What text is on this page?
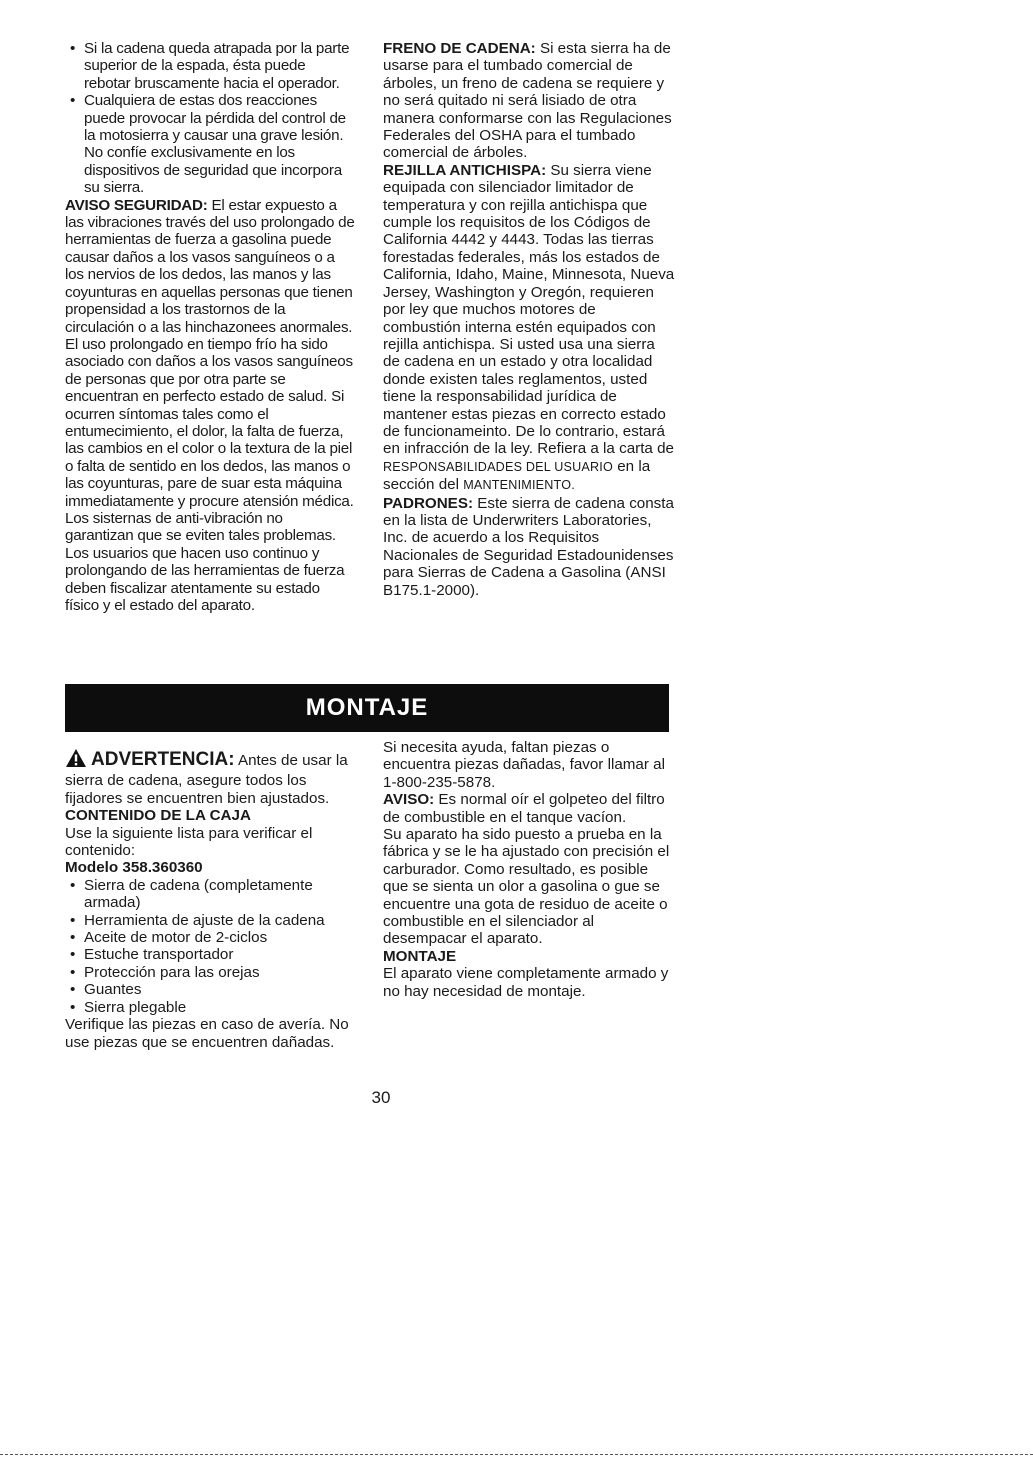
• Si la cadena queda atrapada por la parte superior de la espada, ésta puede rebotar bruscamente hacia el operador.
• Cualquiera de estas dos reacciones puede provocar la pérdida del control de la motosierra y causar una grave lesión. No confíe exclusivamente en los dispositivos de seguridad que incorpora su sierra.

AVISO SEGURIDAD: El estar expuesto a las vibraciones través del uso prolongado de herramientas de fuerza a gasolina puede causar daños a los vasos sanguíneos o a los nervios de los dedos, las manos y las coyunturas en aquellas personas que tienen propensidad a los trastornos de la circulación o a las hinchazonees anormales. El uso prolongado en tiempo frío ha sido asociado con daños a los vasos sanguíneos de personas que por otra parte se encuentran en perfecto estado de salud. Si ocurren síntomas tales como el entumecimiento, el dolor, la falta de fuerza, las cambios en el color o la textura de la piel o falta de sentido en los dedos, las manos o las coyunturas, pare de suar esta máquina immediatamente y procure atensión médica. Los sisternas de anti-vibración no garantizan que se eviten tales problemas. Los usuarios que hacen uso continuo y prolongando de las herramientas de fuerza deben fiscalizar atentamente su estado físico y el estado del aparato.

FRENO DE CADENA: Si esta sierra ha de usarse para el tumbado comercial de árboles, un freno de cadena se requiere y no será quitado ni será lisiado de otra manera conformarse con las Regulaciones Federales del OSHA para el tumbado comercial de árboles.

REJILLA ANTICHISPA: Su sierra viene equipada con silenciador limitador de temperatura y con rejilla antichispa que cumple los requisitos de los Códigos de California 4442 y 4443. Todas las tierras forestadas federales, más los estados de California, Idaho, Maine, Minnesota, Nueva Jersey, Washington y Oregón, requieren por ley que muchos motores de combustión interna estén equipados con rejilla antichispa. Si usted usa una sierra de cadena en un estado y otra localidad donde existen tales reglamentos, usted tiene la responsabilidad jurídica de mantener estas piezas en correcto estado de funcionameinto. De lo contrario, estará en infracción de la ley. Refiera a la carta de RESPONSABILIDADES DEL USUARIO en la sección del MANTENIMIENTO.

PADRONES: Este sierra de cadena consta en la lista de Underwriters Laboratories, Inc. de acuerdo a los Requisitos Nacionales de Seguridad Estadounidenses para Sierras de Cadena a Gasolina (ANSI B175.1-2000).

MONTAJE

ADVERTENCIA: Antes de usar la sierra de cadena, asegure todos los fijadores se encuentren bien ajustados.

CONTENIDO DE LA CAJA

Use la siguiente lista para verificar el contenido:

Modelo 358.360360

• Sierra de cadena (completamente armada)
• Herramienta de ajuste de la cadena
• Aceite de motor de 2-ciclos
• Estuche transportador
• Protección para las orejas
• Guantes
• Sierra plegable

Verifique las piezas en caso de avería. No use piezas que se encuentren dañadas.

Si necesita ayuda, faltan piezas o encuentra piezas dañadas, favor llamar al 1-800-235-5878.

AVISO: Es normal oír el golpeteo del filtro de combustible en el tanque vacíon.

Su aparato ha sido puesto a prueba en la fábrica y se le ha ajustado con precisión el carburador. Como resultado, es posible que se sienta un olor a gasolina o gue se encuentre una gota de residuo de aceite o combustible en el silenciador al desempacar el aparato.

MONTAJE

El aparato viene completamente armado y no hay necesidad de montaje.

30
